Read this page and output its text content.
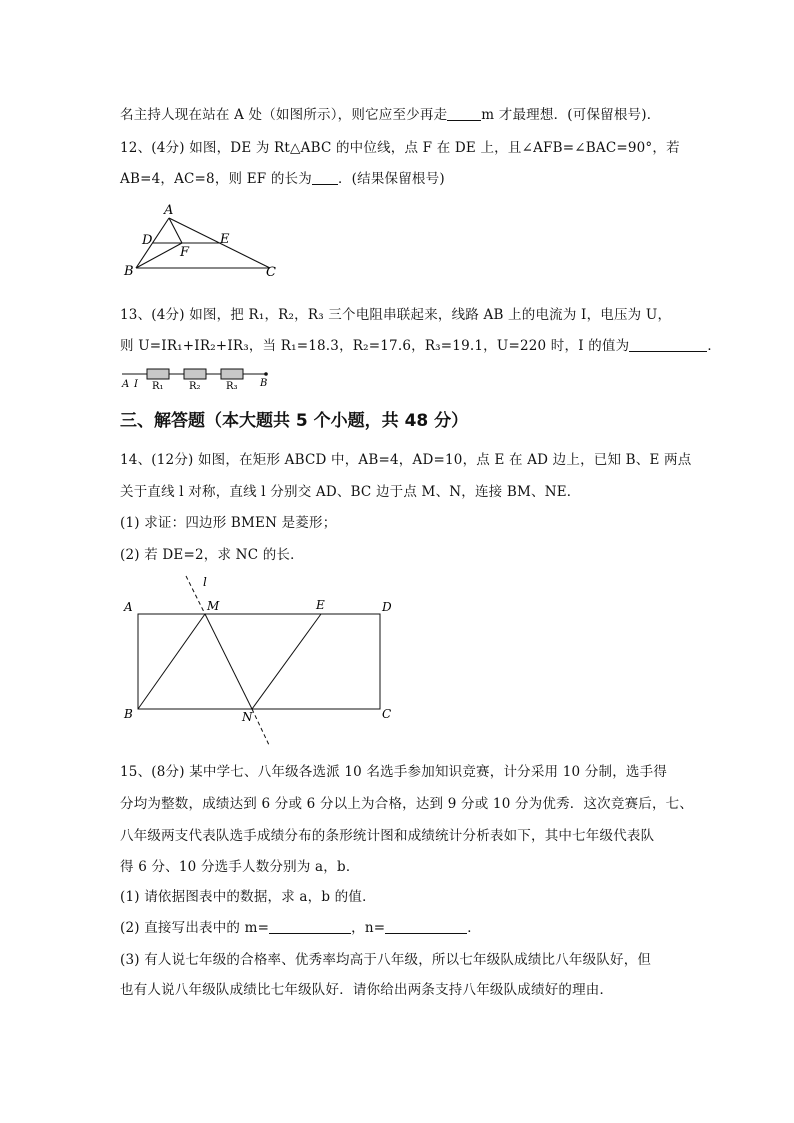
名主持人现在站在 A 处（如图所示），则它应至少再走	m 才最理想．(可保留根号)．
12、(4分) 如图，DE 为 Rt△ABC 的中位线，点 F 在 DE 上，且∠AFB=∠BAC=90°，若
AB=4，AC=8，则 EF 的长为 ．(结果保留根号)
A
D	E
F
B	C
13、(4分) 如图，把 R₁，R₂，R₃ 三个电阻串联起来，线路 AB 上的电流为 I，电压为 U，
则 U=IR₁+IR₂+IR₃，当 R₁=18.3，R₂=17.6，R₃=19.1，U=220 时，I 的值为	．
A I R₁	R₂	R₃ B
三、解答题（本大题共 5 个小题，共 48 分）
14、(12分) 如图，在矩形 ABCD 中，AB=4，AD=10，点 E 在 AD 边上，已知 B、E 两点
关于直线 l 对称，直线 l 分别交 AD、BC 边于点 M、N，连接 BM、NE．
(1) 求证：四边形 BMEN 是菱形；
(2) 若 DE=2，求 NC 的长．
l
A	M	E	D
B	N	C
15、(8分) 某中学七、八年级各选派 10 名选手参加知识竞赛，计分采用 10 分制，选手得
分均为整数，成绩达到 6 分或 6 分以上为合格，达到 9 分或 10 分为优秀．这次竞赛后，七、
八年级两支代表队选手成绩分布的条形统计图和成绩统计分析表如下，其中七年级代表队
得 6 分、10 分选手人数分别为 a，b．
(1) 请依据图表中的数据，求 a，b 的值．
(2) 直接写出表中的 m=	，n=	．
(3) 有人说七年级的合格率、优秀率均高于八年级，所以七年级队成绩比八年级队好，但
也有人说八年级队成绩比七年级队好．请你给出两条支持八年级队成绩好的理由．
